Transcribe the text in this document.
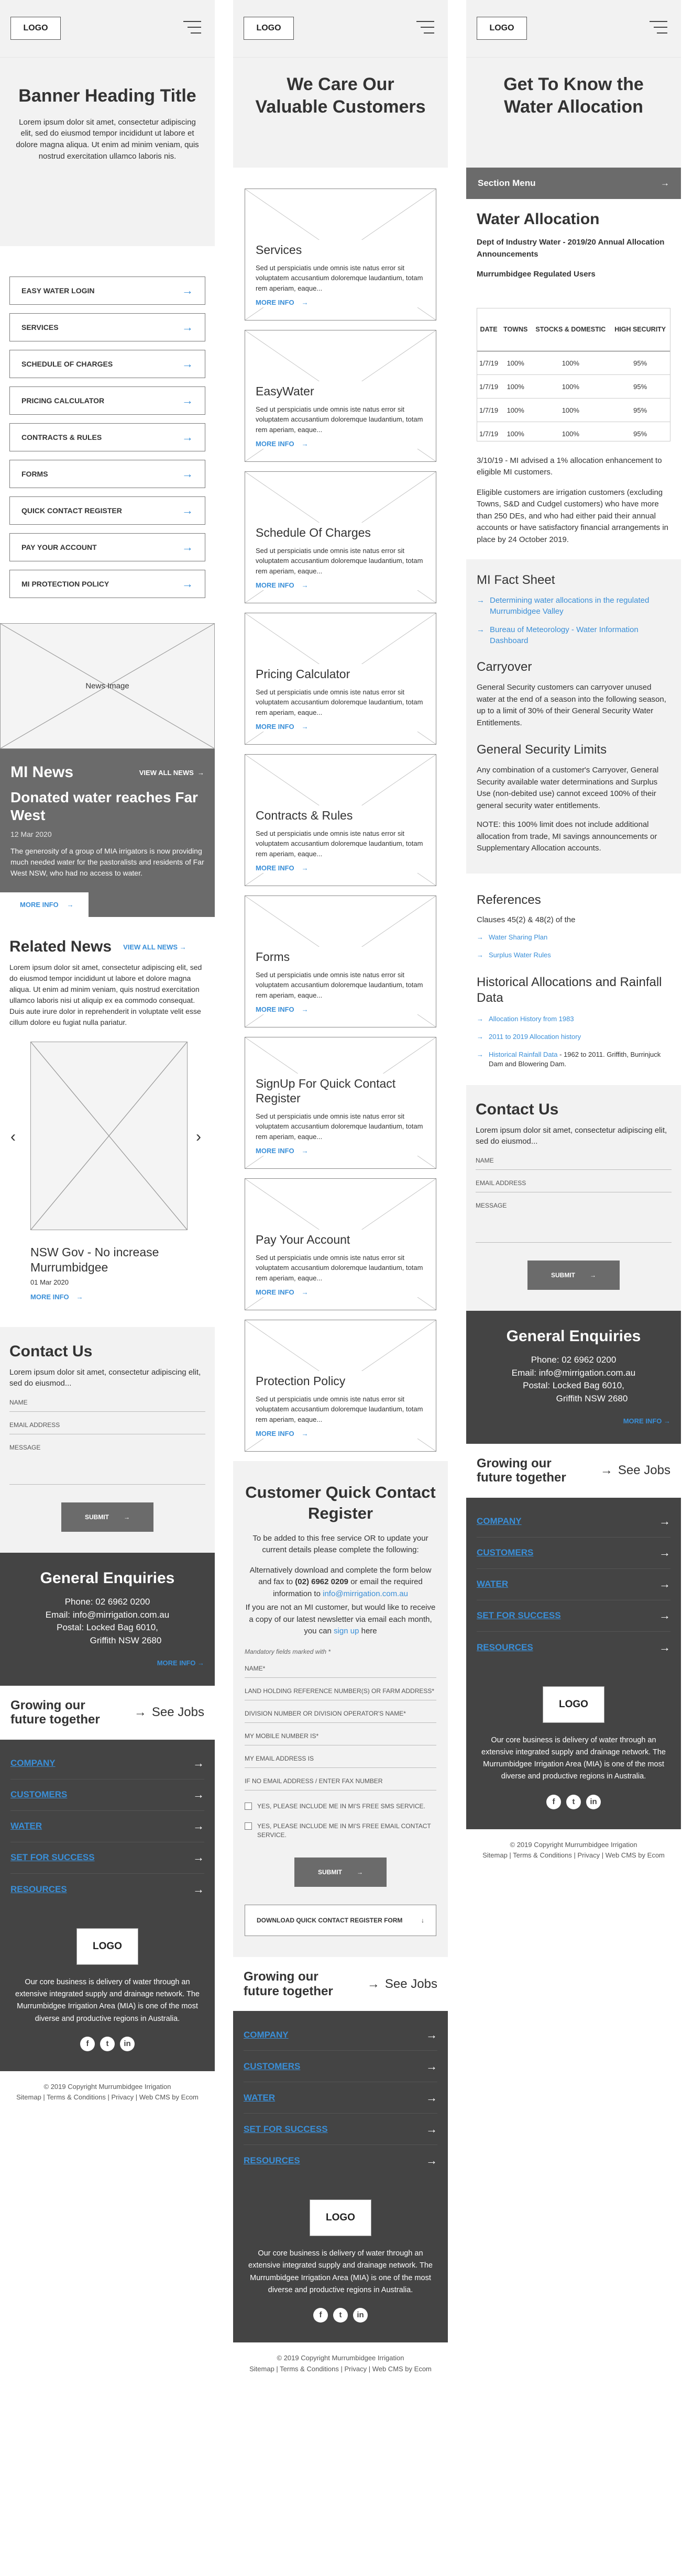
LOGO
Banner Heading Title

Lorem ipsum dolor sit amet, consectetur adipiscing elit, sed do eiusmod tempor incididunt ut labore et dolore magna aliqua. Ut enim ad minim veniam, quis nostrud exercitation ullamco laboris nis.

EASY WATER LOGIN	→
SERVICES	→
SCHEDULE OF CHARGES	→
PRICING CALCULATOR	→
CONTRACTS & RULES	→
FORMS	→
QUICK CONTACT REGISTER	→
PAY YOUR ACCOUNT	→
MI PROTECTION POLICY	→
News Image
MI News	VIEW ALL NEWS  →
Donated water reaches Far West
12 Mar 2020

The generosity of a group of MIA irrigators is now providing much needed water for the pastoralists and residents of Far West NSW, who had no access to water.

MORE INFO →
Related News VIEW ALL NEWS →

Lorem ipsum dolor sit amet, consectetur adipiscing elit, sed do eiusmod tempor incididunt ut labore et dolore magna aliqua. Ut enim ad minim veniam, quis nostrud exercitation ullamco laboris nisi ut aliquip ex ea commodo consequat. Duis aute irure dolor in reprehenderit in voluptate velit esse cillum dolore eu fugiat nulla pariatur.

‹	›
NSW Gov - No increase Murrumbidgee
01 Mar 2020
MORE INFO →
Contact Us

Lorem ipsum dolor sit amet, consectetur adipiscing elit, sed do eiusmod...

NAME
EMAIL ADDRESS
MESSAGE
SUBMIT →
General Enquiries
Phone: 02 6962 0200
Email: info@mirrigation.com.au
Postal: Locked Bag 6010,
Griffith NSW 2680
MORE INFO →
Growing our future together
→ See Jobs
COMPANY	→
CUSTOMERS	→
WATER	→
SET FOR SUCCESS	→
RESOURCES	→
LOGO

Our core business is delivery of water through an extensive integrated supply and drainage network. The Murrumbidgee Irrigation Area (MIA) is one of the most diverse and productive regions in Australia.

f	t	in
© 2019 Copyright Murrumbidgee Irrigation
Sitemap | Terms & Conditions | Privacy | Web CMS by Ecom
LOGO
We Care Our Valuable Customers
Services

Sed ut perspiciatis unde omnis iste natus error sit voluptatem accusantium doloremque laudantium, totam rem aperiam, eaque...

MORE INFO →
EasyWater

Sed ut perspiciatis unde omnis iste natus error sit voluptatem accusantium doloremque laudantium, totam rem aperiam, eaque...

MORE INFO →
Schedule Of Charges

Sed ut perspiciatis unde omnis iste natus error sit voluptatem accusantium doloremque laudantium, totam rem aperiam, eaque...

MORE INFO →
Pricing Calculator

Sed ut perspiciatis unde omnis iste natus error sit voluptatem accusantium doloremque laudantium, totam rem aperiam, eaque...

MORE INFO →
Contracts & Rules

Sed ut perspiciatis unde omnis iste natus error sit voluptatem accusantium doloremque laudantium, totam rem aperiam, eaque...

MORE INFO →
Forms

Sed ut perspiciatis unde omnis iste natus error sit voluptatem accusantium doloremque laudantium, totam rem aperiam, eaque...

MORE INFO →
SignUp For Quick Contact Register

Sed ut perspiciatis unde omnis iste natus error sit voluptatem accusantium doloremque laudantium, totam rem aperiam, eaque...

MORE INFO →
Pay Your Account

Sed ut perspiciatis unde omnis iste natus error sit voluptatem accusantium doloremque laudantium, totam rem aperiam, eaque...

MORE INFO →
Protection Policy

Sed ut perspiciatis unde omnis iste natus error sit voluptatem accusantium doloremque laudantium, totam rem aperiam, eaque...

MORE INFO →
Customer Quick Contact Register

To be added to this free service OR to update your current details please complete the following:

Alternatively download and complete the form below and fax to (02) 6962 0209 or email the required information to info@mirrigation.com.au

If you are not an MI customer, but would like to receive a copy of our latest newsletter via email each month, you can sign up here

Mandatory fields marked with *
NAME*
LAND HOLDING REFERENCE NUMBER(S) OR FARM ADDRESS*
DIVISION NUMBER OR DIVISION OPERATOR'S NAME*
MY MOBILE NUMBER IS*
MY EMAIL ADDRESS IS
IF NO EMAIL ADDRESS / ENTER FAX NUMBER
YES, PLEASE INCLUDE ME IN MI'S FREE SMS SERVICE.
YES, PLEASE INCLUDE ME IN MI'S FREE EMAIL CONTACT SERVICE.
SUBMIT →
DOWNLOAD QUICK CONTACT REGISTER FORM	↓
Growing our future together
→ See Jobs
COMPANY	→
CUSTOMERS	→
WATER	→
SET FOR SUCCESS	→
RESOURCES	→
LOGO

Our core business is delivery of water through an extensive integrated supply and drainage network. The Murrumbidgee Irrigation Area (MIA) is one of the most diverse and productive regions in Australia.

f	t	in
© 2019 Copyright Murrumbidgee Irrigation
Sitemap | Terms & Conditions | Privacy | Web CMS by Ecom
LOGO
Get To Know the Water Allocation
Section Menu	→
Water Allocation
Dept of Industry Water - 2019/20 Annual Allocation Announcements
Murrumbidgee Regulated Users
DATE	TOWNS	STOCKS & DOMESTIC	HIGH SECURITY
1/7/19	100%	100%	95%
1/7/19	100%	100%	95%
1/7/19	100%	100%	95%
1/7/19	100%	100%	95%

3/10/19 - MI advised a 1% allocation enhancement to eligible MI customers.

Eligible customers are irrigation customers (excluding Towns, S&D and Cudgel customers) who have more than 250 DEs, and who had either paid their annual accounts or have satisfactory financial arrangements in place by 24 October 2019.

MI Fact Sheet
→ Determining water allocations in the regulated Murrumbidgee Valley
→ Bureau of Meteorology - Water Information Dashboard
Carryover

General Security customers can carryover unused water at the end of a season into the following season, up to a limit of 30% of their General Security Water Entitlements.

General Security Limits

Any combination of a customer's Carryover, General Security available water determinations and Surplus Use (non-debited use) cannot exceed 100% of their general security water entitlements.

NOTE: this 100% limit does not include additional allocation from trade, MI savings announcements or Supplementary Allocation accounts.

References

Clauses 45(2) & 48(2) of the

→ Water Sharing Plan
→ Surplus Water Rules
Historical Allocations and Rainfall Data
→ Allocation History from 1983
→ 2011 to 2019 Allocation history
→ Historical Rainfall Data - 1962 to 2011. Griffith, Burrinjuck Dam and Blowering Dam.
Contact Us

Lorem ipsum dolor sit amet, consectetur adipiscing elit, sed do eiusmod...

NAME
EMAIL ADDRESS
MESSAGE
SUBMIT →
General Enquiries
Phone: 02 6962 0200
Email: info@mirrigation.com.au
Postal: Locked Bag 6010,
Griffith NSW 2680
MORE INFO →
Growing our future together
→ See Jobs
COMPANY	→
CUSTOMERS	→
WATER	→
SET FOR SUCCESS	→
RESOURCES	→
LOGO

Our core business is delivery of water through an extensive integrated supply and drainage network. The Murrumbidgee Irrigation Area (MIA) is one of the most diverse and productive regions in Australia.

f	t	in
© 2019 Copyright Murrumbidgee Irrigation
Sitemap | Terms & Conditions | Privacy | Web CMS by Ecom
